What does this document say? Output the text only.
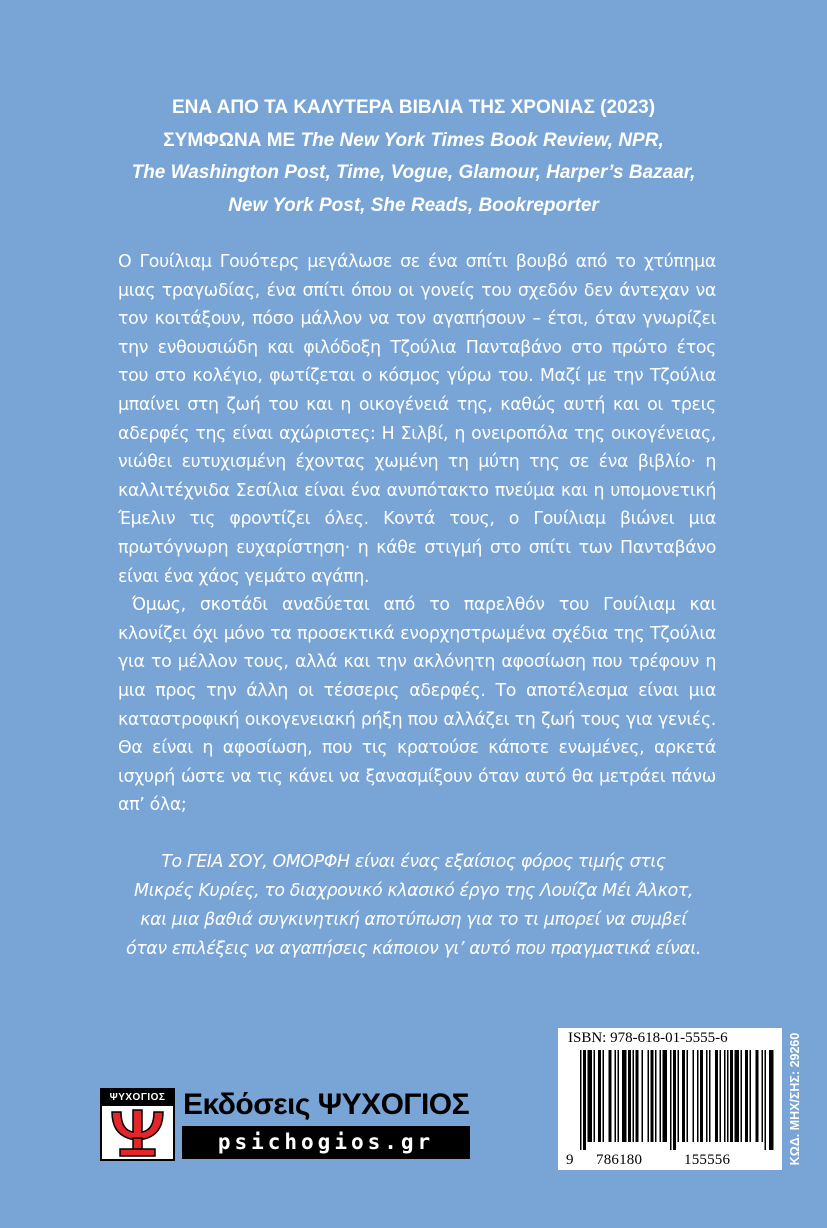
ΕΝΑ ΑΠΟ ΤΑ ΚΑΛΥΤΕΡΑ ΒΙΒΛΙΑ ΤΗΣ ΧΡΟΝΙΑΣ (2023)
ΣΥΜΦΩΝΑ ΜΕ The New York Times Book Review, NPR,
The Washington Post, Time, Vogue, Glamour, Harper’s Bazaar,
New York Post, She Reads, Bookreporter

Ο Γουίλιαμ Γουότερς μεγάλωσε σε ένα σπίτι βουβό από το χτύπημα μιας τραγωδίας, ένα σπίτι όπου οι γονείς του σχεδόν δεν άντεχαν να τον κοιτάξουν, πόσο μάλλον να τον αγαπήσουν – έτσι, όταν γνωρίζει την ενθουσιώδη και φιλόδοξη Τζούλια Πανταβάνο στο πρώτο έτος του στο κολέγιο, φωτίζεται ο κόσμος γύρω του. Μαζί με την Τζούλια μπαίνει στη ζωή του και η οικογένειά της, καθώς αυτή και οι τρεις αδερφές της είναι αχώριστες: Η Σιλβί, η ονειροπόλα της οικογένειας, νιώθει ευτυχισμένη έχοντας χωμένη τη μύτη της σε ένα βιβλίο· η καλλιτέχνιδα Σεσίλια είναι ένα ανυπότακτο πνεύμα και η υπομονετική Έμελιν τις φροντίζει όλες. Κοντά τους, ο Γουίλιαμ βιώνει μια πρωτόγνωρη ευχαρίστηση· η κάθε στιγμή στο σπίτι των Πανταβάνο είναι ένα χάος γεμάτο αγάπη.

Όμως, σκοτάδι αναδύεται από το παρελθόν του Γουίλιαμ και κλονίζει όχι μόνο τα προσεκτικά ενορχηστρωμένα σχέδια της Τζούλια για το μέλλον τους, αλλά και την ακλόνητη αφοσίωση που τρέφουν η μια προς την άλλη οι τέσσερις αδερφές. Το αποτέλεσμα είναι μια καταστροφική οικογενειακή ρήξη που αλλάζει τη ζωή τους για γενιές. Θα είναι η αφοσίωση, που τις κρατούσε κάποτε ενωμένες, αρκετά ισχυρή ώστε να τις κάνει να ξανασμίξουν όταν αυτό θα μετράει πάνω απ’ όλα;

Το ΓΕΙΑ ΣΟΥ, ΟΜΟΡΦΗ είναι ένας εξαίσιος φόρος τιμής στις
Μικρές Κυρίες, το διαχρονικό κλασικό έργο της Λουίζα Μέι Άλκοτ,
και μια βαθιά συγκινητική αποτύπωση για το τι μπορεί να συμβεί
όταν επιλέξεις να αγαπήσεις κάποιον γι’ αυτό που πραγματικά είναι.
ΨΥΧΟΓΙΟΣ Εκδόσεις ΨΥΧΟΓΙΟΣ
psichogios.gr
ISBN: 978-618-01-5555-6
9 786180	155556	ΚΩΔ. ΜΗΧ/ΣΗΣ: 29260
